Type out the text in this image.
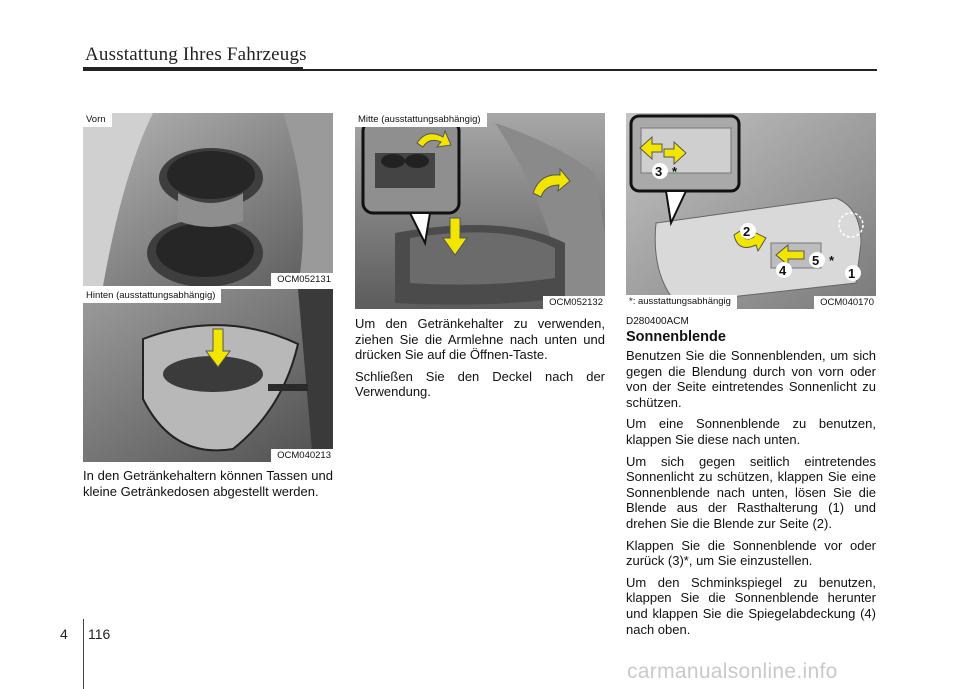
Ausstattung Ihres Fahrzeugs
Vorn
OCM052131
Hinten (ausstattungsabhängig)
OCM040213
Mitte (ausstattungsabhängig)
OCM052132
3 *
2
4
5 *
1
*: ausstattungsabhängig	OCM040170

In den Getränkehaltern können Tassen und kleine Getränkedosen abgestellt werden.

Um den Getränkehalter zu verwenden, ziehen Sie die Armlehne nach unten und drücken Sie auf die Öffnen-Taste.

Schließen Sie den Deckel nach der Verwendung.

D280400ACM
Sonnenblende

Benutzen Sie die Sonnenblenden, um sich gegen die Blendung durch von vorn oder von der Seite eintretendes Sonnenlicht zu schützen.

Um eine Sonnenblende zu benutzen, klappen Sie diese nach unten.

Um sich gegen seitlich eintretendes Sonnenlicht zu schützen, klappen Sie eine Sonnenblende nach unten, lösen Sie die Blende aus der Rasthalterung (1) und drehen Sie die Blende zur Seite (2).

Klappen Sie die Sonnenblende vor oder zurück (3)*, um Sie einzustellen.

Um den Schminkspiegel zu benutzen, klappen Sie die Sonnenblende herunter und klappen Sie die Spiegelabdeckung (4) nach oben.

4 116
carmanualsonline.info
